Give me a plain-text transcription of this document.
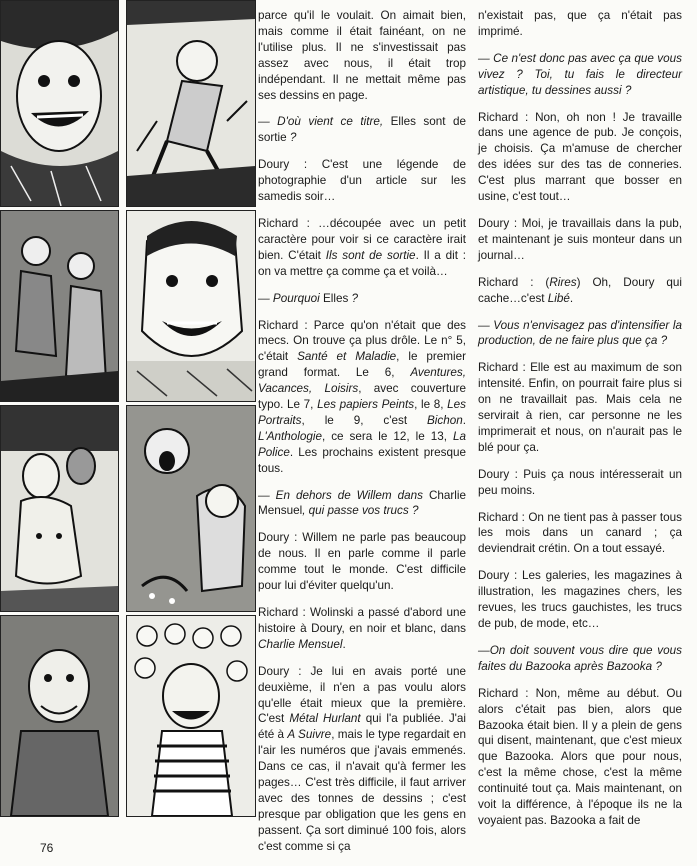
parce qu'il le voulait. On aimait bien, mais comme il était fainéant, on ne l'utilise plus. Il ne s'investissait pas assez avec nous, il était trop indépendant. Il ne mettait même pas ses dessins en page.

— D'où vient ce titre, Elles sont de sortie ?

Doury : C'est une légende de photographie d'un article sur les samedis soir…

Richard : …découpée avec un petit caractère pour voir si ce caractère irait bien. C'était Ils sont de sortie. Il a dit : on va mettre ça comme ça et voilà…

— Pourquoi Elles ?

Richard : Parce qu'on n'était que des mecs. On trouve ça plus drôle. Le n° 5, c'était Santé et Maladie, le premier grand format. Le 6, Aventures, Vacances, Loisirs, avec couverture typo. Le 7, Les papiers Peints, le 8, Les Portraits, le 9, c'est Bichon. L'Anthologie, ce sera le 12, le 13, La Police. Les prochains existent presque tous.

— En dehors de Willem dans Charlie Mensuel, qui passe vos trucs ?

Doury : Willem ne parle pas beaucoup de nous. Il en parle comme il parle comme tout le monde. C'est difficile pour lui d'éviter quelqu'un.

Richard : Wolinski a passé d'abord une histoire à Doury, en noir et blanc, dans Charlie Mensuel.

Doury : Je lui en avais porté une deuxième, il n'en a pas voulu alors qu'elle était mieux que la première. C'est Métal Hurlant qui l'a publiée. J'ai été à A Suivre, mais le type regardait en l'air les numéros que j'avais emmenés. Dans ce cas, il n'avait qu'à fermer les pages… C'est très difficile, il faut arriver avec des tonnes de dessins ; c'est presque par obligation que les gens en passent. Ça sort diminué 100 fois, alors c'est comme si ça

n'existait pas, que ça n'était pas imprimé.

— Ce n'est donc pas avec ça que vous vivez ? Toi, tu fais le directeur artistique, tu dessines aussi ?

Richard : Non, oh non ! Je travaille dans une agence de pub. Je conçois, je choisis. Ça m'amuse de chercher des idées sur des tas de conneries. C'est plus marrant que bosser en usine, c'est tout…

Doury : Moi, je travaillais dans la pub, et maintenant je suis monteur dans un journal…

Richard : (Rires) Oh, Doury qui cache…c'est Libé.

— Vous n'envisagez pas d'intensifier la production, de ne faire plus que ça ?

Richard : Elle est au maximum de son intensité. Enfin, on pourrait faire plus si on ne travaillait pas. Mais cela ne servirait à rien, car personne ne les imprimerait et nous, on n'aurait pas le blé pour ça.

Doury : Puis ça nous intéresserait un peu moins.

Richard : On ne tient pas à passer tous les mois dans un canard ; ça deviendrait crétin. On a tout essayé.

Doury : Les galeries, les magazines à illustration, les magazines chers, les revues, les trucs gauchistes, les trucs de pub, de mode, etc…

—On doit souvent vous dire que vous faites du Bazooka après Bazooka ?

Richard : Non, même au début. Ou alors c'était pas bien, alors que Bazooka était bien. Il y a plein de gens qui disent, maintenant, que c'est mieux que Bazooka. Alors que pour nous, c'est la même chose, c'est la même continuité tout ça. Mais maintenant, on voit la différence, à l'époque ils ne la voyaient pas. Bazooka a fait de

76
